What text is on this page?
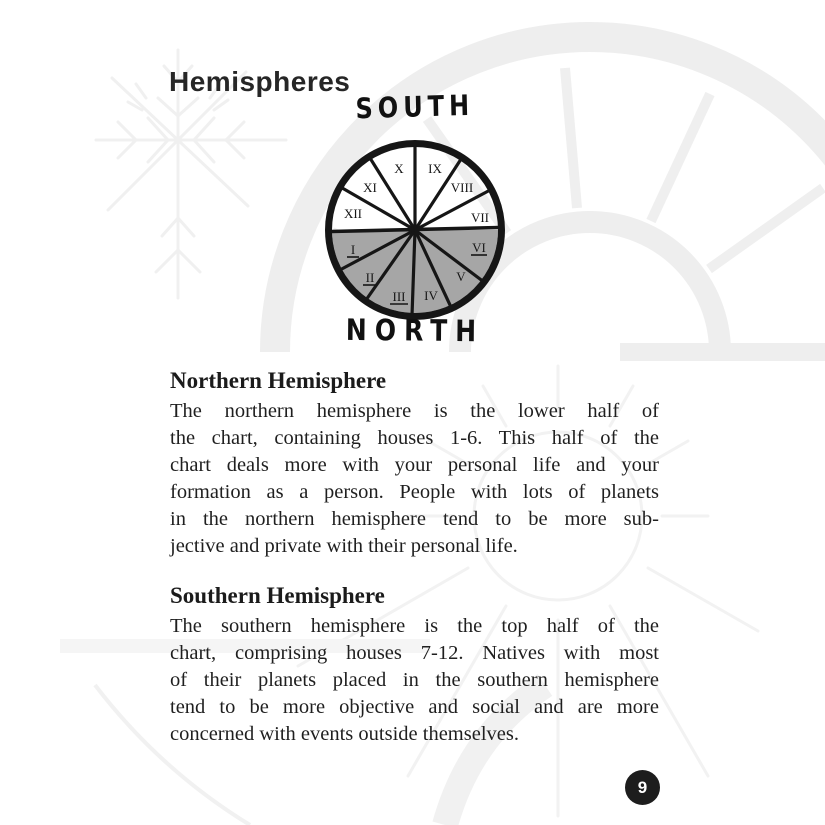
Hemispheres
SOUTH
XII
XI
X IX
VIII
VII
I
II
III IV
V
VI
NORTH
Northern Hemisphere
The northern hemisphere is the lower half of
the chart, containing houses 1-6. This half of the
chart deals more with your personal life and your
formation as a person. People with lots of planets
in the northern hemisphere tend to be more sub-
jective and private with their personal life.
Southern Hemisphere
The southern hemisphere is the top half of the
chart, comprising houses 7-12. Natives with most
of their planets placed in the southern hemisphere
tend to be more objective and social and are more
concerned with events outside themselves.
9
